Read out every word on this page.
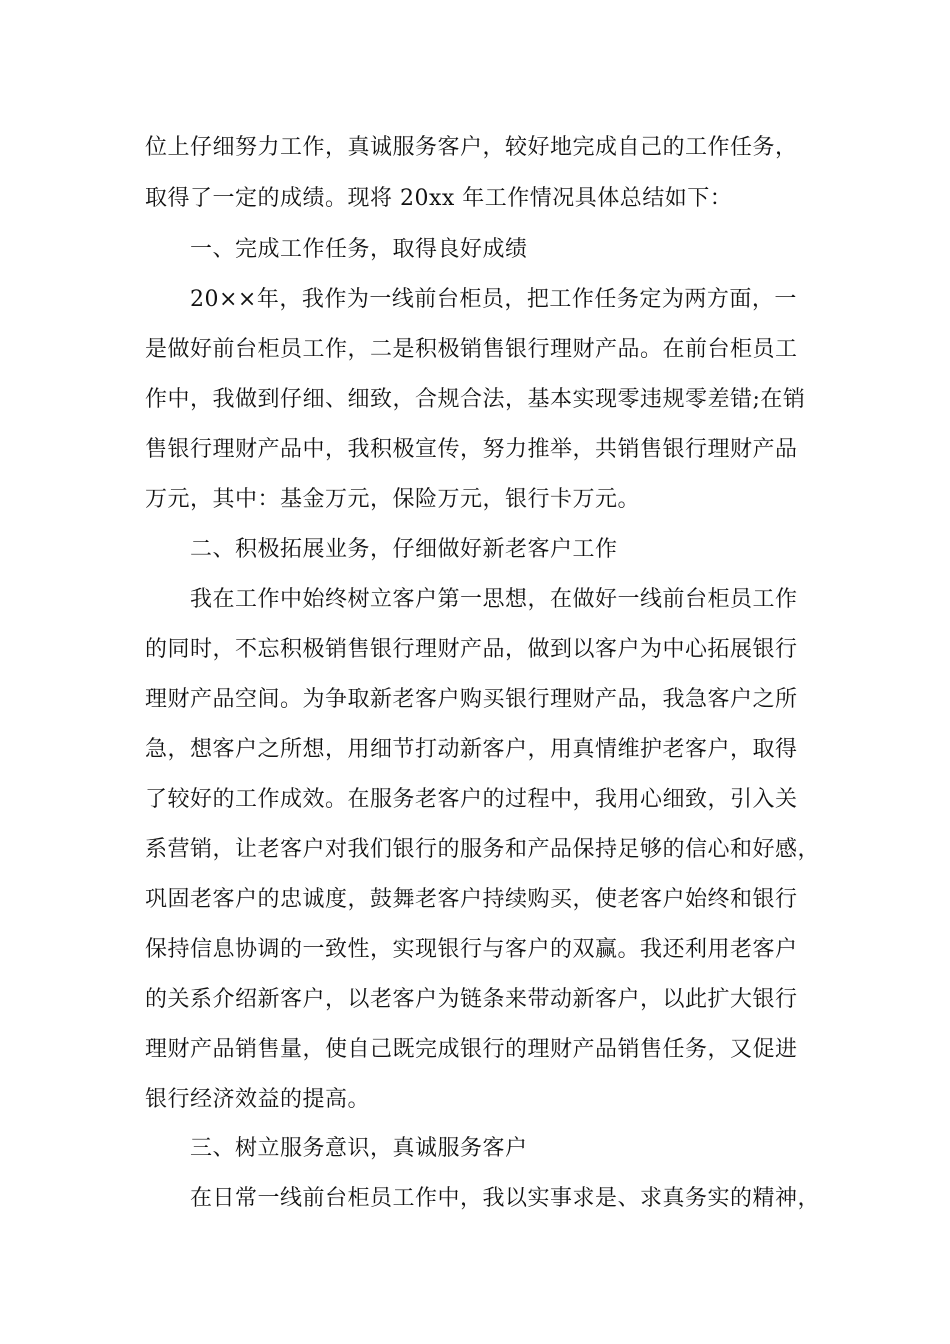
位上仔细努力工作，真诚服务客户，较好地完成自己的工作任务，
取得了一定的成绩。现将 20xx 年工作情况具体总结如下：
一、完成工作任务，取得良好成绩
20××年，我作为一线前台柜员，把工作任务定为两方面，一
是做好前台柜员工作，二是积极销售银行理财产品。在前台柜员工
作中，我做到仔细、细致，合规合法，基本实现零违规零差错;在销
售银行理财产品中，我积极宣传，努力推举，共销售银行理财产品
万元，其中：基金万元，保险万元，银行卡万元。
二、积极拓展业务，仔细做好新老客户工作
我在工作中始终树立客户第一思想，在做好一线前台柜员工作
的同时，不忘积极销售银行理财产品，做到以客户为中心拓展银行
理财产品空间。为争取新老客户购买银行理财产品，我急客户之所
急，想客户之所想，用细节打动新客户，用真情维护老客户，取得
了较好的工作成效。在服务老客户的过程中，我用心细致，引入关
系营销，让老客户对我们银行的服务和产品保持足够的信心和好感，
巩固老客户的忠诚度，鼓舞老客户持续购买，使老客户始终和银行
保持信息协调的一致性，实现银行与客户的双赢。我还利用老客户
的关系介绍新客户，以老客户为链条来带动新客户，以此扩大银行
理财产品销售量，使自己既完成银行的理财产品销售任务，又促进
银行经济效益的提高。
三、树立服务意识，真诚服务客户
在日常一线前台柜员工作中，我以实事求是、求真务实的精神，
